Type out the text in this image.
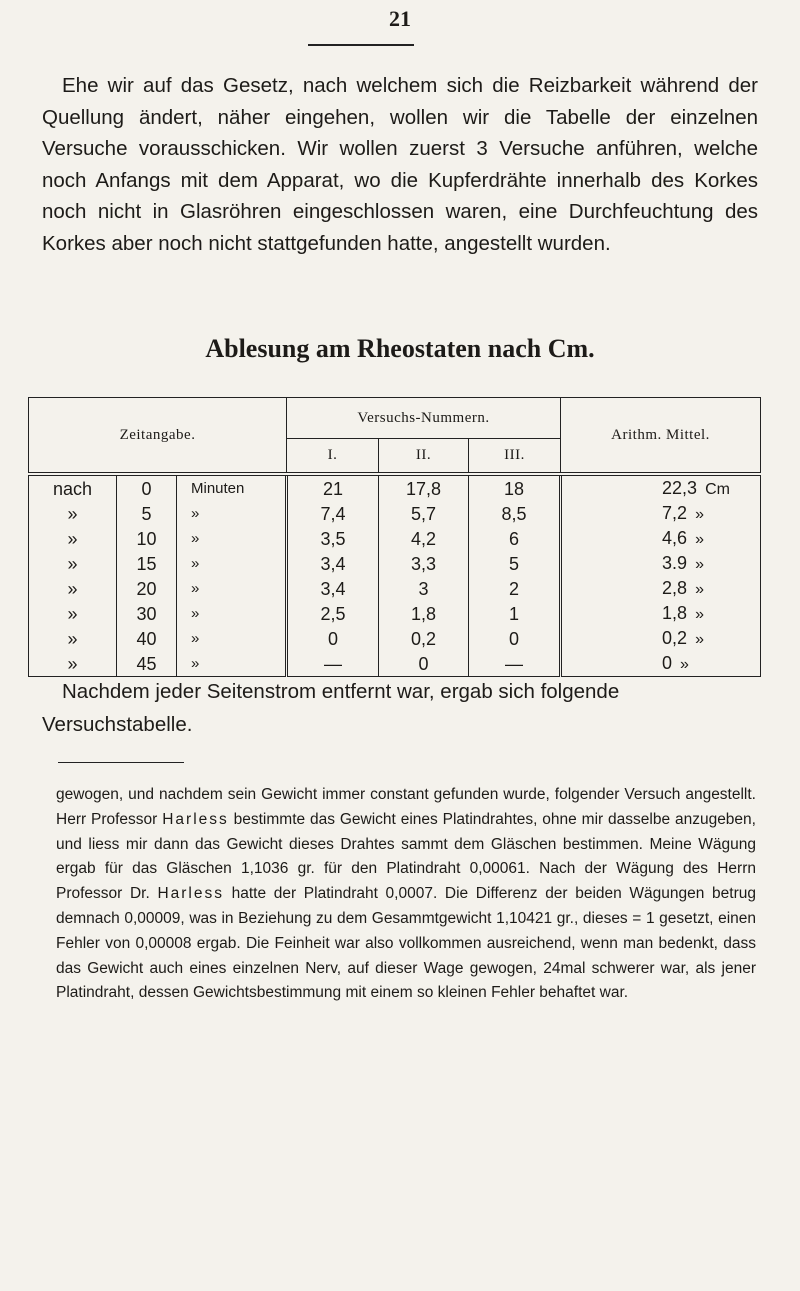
21

Ehe wir auf das Gesetz, nach welchem sich die Reizbarkeit während der Quellung ändert, näher eingehen, wollen wir die Tabelle der einzelnen Versuche vorausschicken. Wir wollen zuerst 3 Versuche anführen, welche noch Anfangs mit dem Apparat, wo die Kupferdrähte innerhalb des Korkes noch nicht in Glasröhren eingeschlossen waren, eine Durchfeuchtung des Korkes aber noch nicht stattgefunden hatte, angestellt wurden.

Ablesung am Rheostaten nach Cm.
Zeitangabe.			Versuchs-Nummern.			Arithm. Mittel.
			I.	II.	III.	
nach	0	Minuten	21	17,8	18	22,3 Cm
»	5	»	7,4	5,7	8,5	7,2 »
»	10	»	3,5	4,2	6	4,6 »
»	15	»	3,4	3,3	5	3.9 »
»	20	»	3,4	3	2	2,8 »
»	30	»	2,5	1,8	1	1,8 »
»	40	»	0	0,2	0	0,2 »
»	45	»	—	0	—	0 »

Nachdem jeder Seitenstrom entfernt war, ergab sich folgende Versuchstabelle.

gewogen, und nachdem sein Gewicht immer constant gefunden wurde, folgender Versuch angestellt. Herr Professor Harless bestimmte das Gewicht eines Platindrahtes, ohne mir dasselbe anzugeben, und liess mir dann das Gewicht dieses Drahtes sammt dem Gläschen bestimmen. Meine Wägung ergab für das Gläschen 1,1036 gr. für den Platindraht 0,00061. Nach der Wägung des Herrn Professor Dr. Harless hatte der Platindraht 0,0007. Die Differenz der beiden Wägungen betrug demnach 0,00009, was in Beziehung zu dem Gesammtgewicht 1,10421 gr., dieses = 1 gesetzt, einen Fehler von 0,00008 ergab. Die Feinheit war also vollkommen ausreichend, wenn man bedenkt, dass das Gewicht auch eines einzelnen Nerv, auf dieser Wage gewogen, 24mal schwerer war, als jener Platindraht, dessen Gewichtsbestimmung mit einem so kleinen Fehler behaftet war.
